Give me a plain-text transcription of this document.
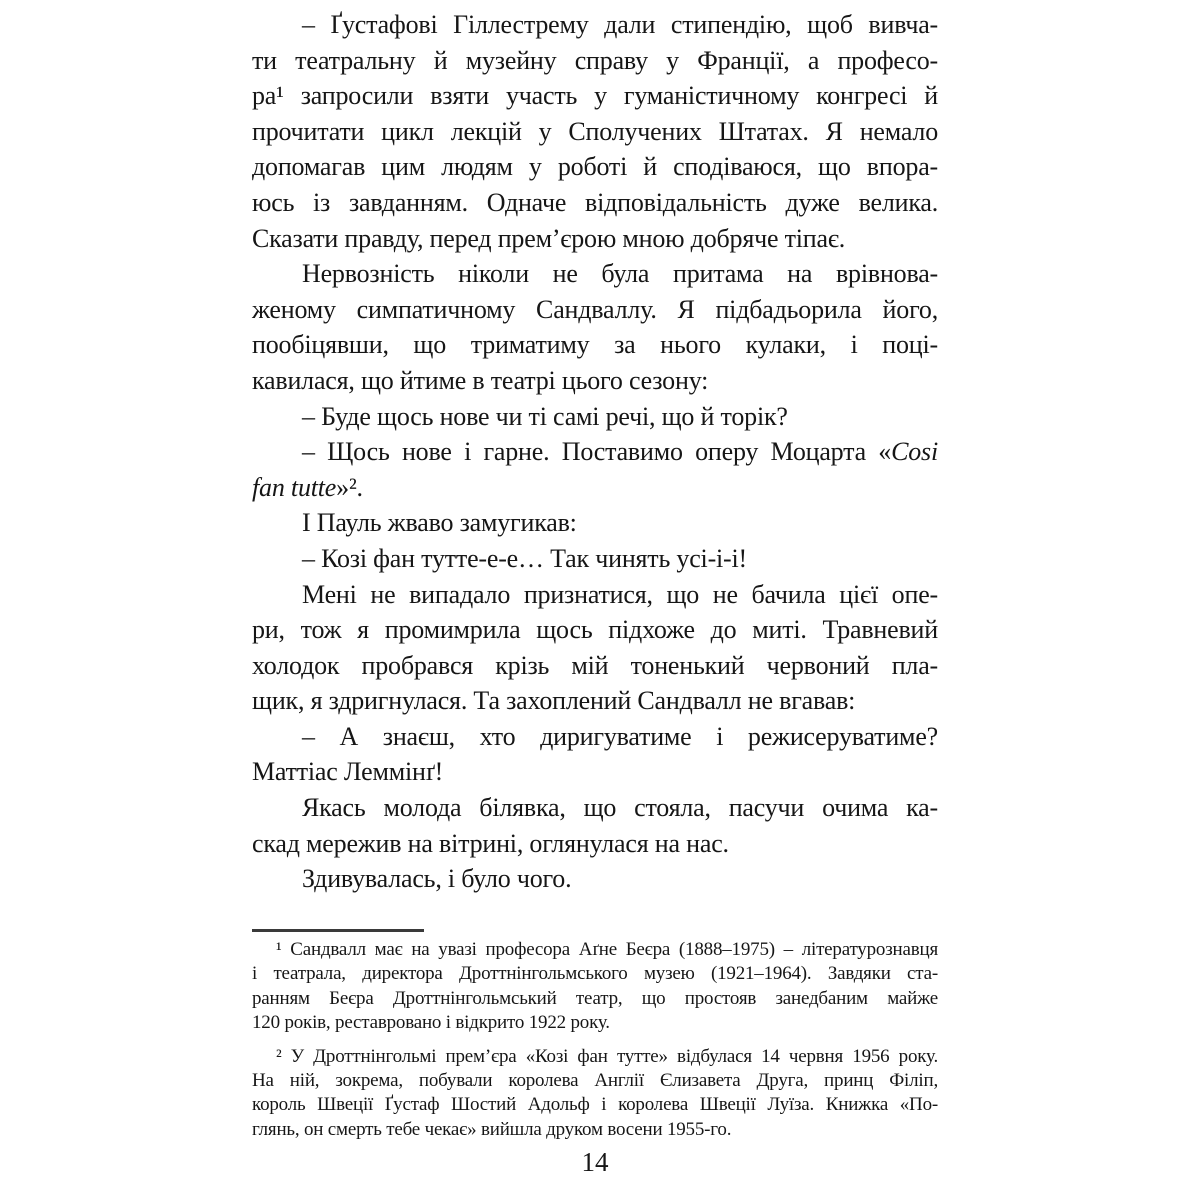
– Ґустафові Гіллестрему дали стипендію, щоб вивча-
ти театральну й музейну справу у Франції, а професо-
ра¹ запросили взяти участь у гуманістичному конгресі й
прочитати цикл лекцій у Сполучених Штатах. Я немало
допомагав цим людям у роботі й сподіваюся, що впора-
юсь із завданням. Одначе відповідальність дуже велика.
Сказати правду, перед прем’єрою мною добряче тіпає.
Нервозність ніколи не була притама на врівнова-
женому симпатичному Сандваллу. Я підбадьорила його,
пообіцявши, що триматиму за нього кулаки, і поці-
кавилася, що йтиме в театрі цього сезону:
– Буде щось нове чи ті самі речі, що й торік?
– Щось нове і гарне. Поставимо оперу Моцарта «Cosi
fan tutte»².
І Пауль жваво замугикав:
– Козі фан тутте-е-е… Так чинять усі-і-і!
Мені не випадало признатися, що не бачила цієї опе-
ри, тож я промимрила щось підхоже до миті. Травневий
холодок пробрався крізь мій тоненький червоний пла-
щик, я здригнулася. Та захоплений Сандвалл не вгавав:
– А знаєш, хто диригуватиме і режисеруватиме?
Маттіас Леммінґ!
Якась молода білявка, що стояла, пасучи очима ка-
скад мережив на вітрині, оглянулася на нас.
Здивувалась, і було чого.
¹ Сандвалл має на увазі професора Аґне Беєра (1888–1975) – літературознавця
і театрала, директора Дроттнінгольмського музею (1921–1964). Завдяки ста-
ранням Беєра Дроттнінгольмський театр, що простояв занедбаним майже
120 років, реставровано і відкрито 1922 року.
² У Дроттнінгольмі прем’єра «Козі фан тутте» відбулася 14 червня 1956 року.
На ній, зокрема, побували королева Англії Єлизавета Друга, принц Філіп,
король Швеції Ґустаф Шостий Адольф і королева Швеції Луїза. Книжка «По-
глянь, он смерть тебе чекає» вийшла друком восени 1955-го.
14
